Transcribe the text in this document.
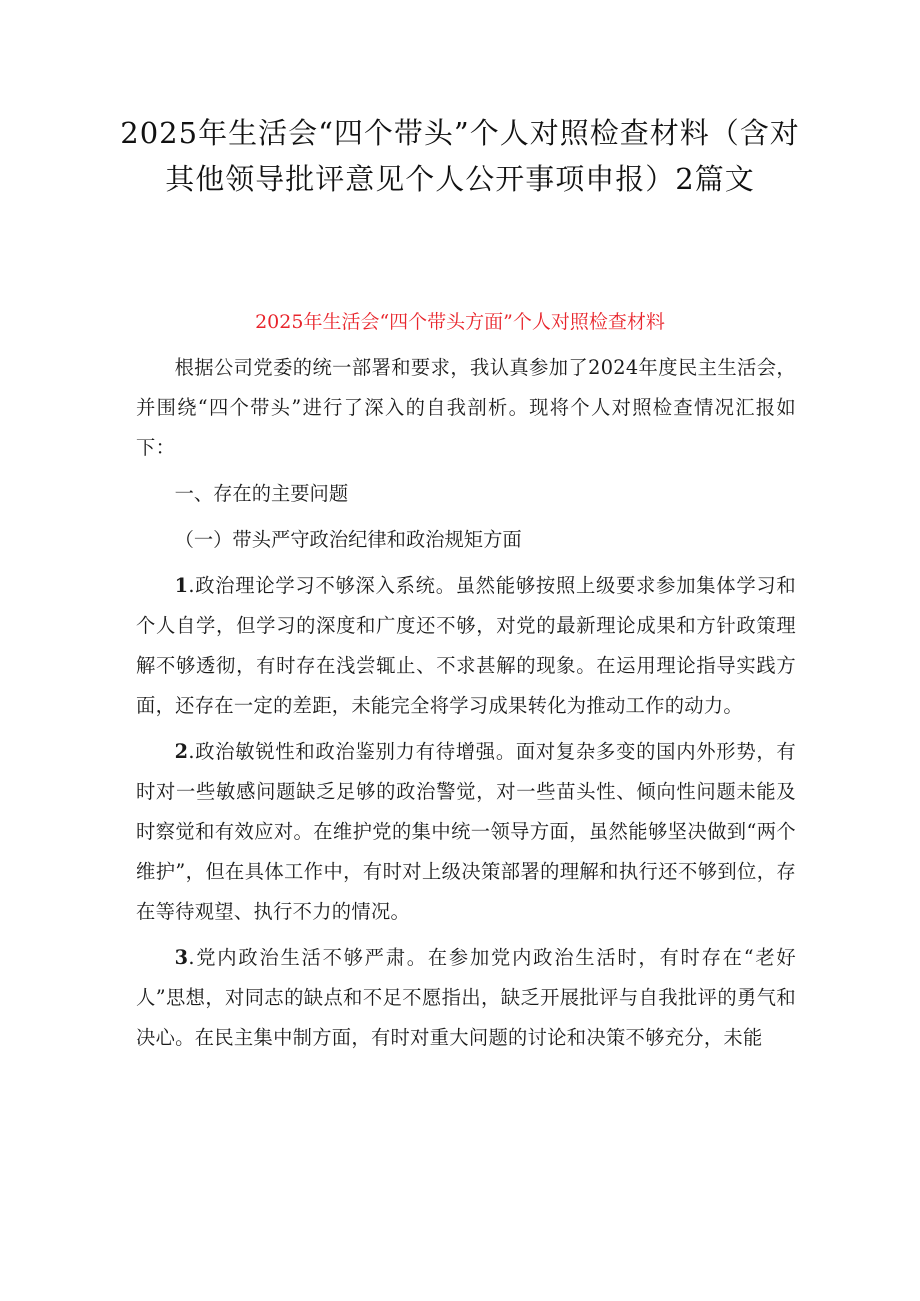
2025年生活会“四个带头”个人对照检查材料（含对
其他领导批评意见个人公开事项申报）2篇文
2025年生活会“四个带头方面”个人对照检查材料

根据公司党委的统一部署和要求，我认真参加了2024年度民主生活会，并围绕“四个带头”进行了深入的自我剖析。现将个人对照检查情况汇报如下：

一、存在的主要问题

（一）带头严守政治纪律和政治规矩方面

1.政治理论学习不够深入系统。虽然能够按照上级要求参加集体学习和个人自学，但学习的深度和广度还不够，对党的最新理论成果和方针政策理解不够透彻，有时存在浅尝辄止、不求甚解的现象。在运用理论指导实践方面，还存在一定的差距，未能完全将学习成果转化为推动工作的动力。

2.政治敏锐性和政治鉴别力有待增强。面对复杂多变的国内外形势，有时对一些敏感问题缺乏足够的政治警觉，对一些苗头性、倾向性问题未能及时察觉和有效应对。在维护党的集中统一领导方面，虽然能够坚决做到“两个维护”，但在具体工作中，有时对上级决策部署的理解和执行还不够到位，存在等待观望、执行不力的情况。

3.党内政治生活不够严肃。在参加党内政治生活时，有时存在“老好人”思想，对同志的缺点和不足不愿指出，缺乏开展批评与自我批评的勇气和决心。在民主集中制方面，有时对重大问题的讨论和决策不够充分，未能
